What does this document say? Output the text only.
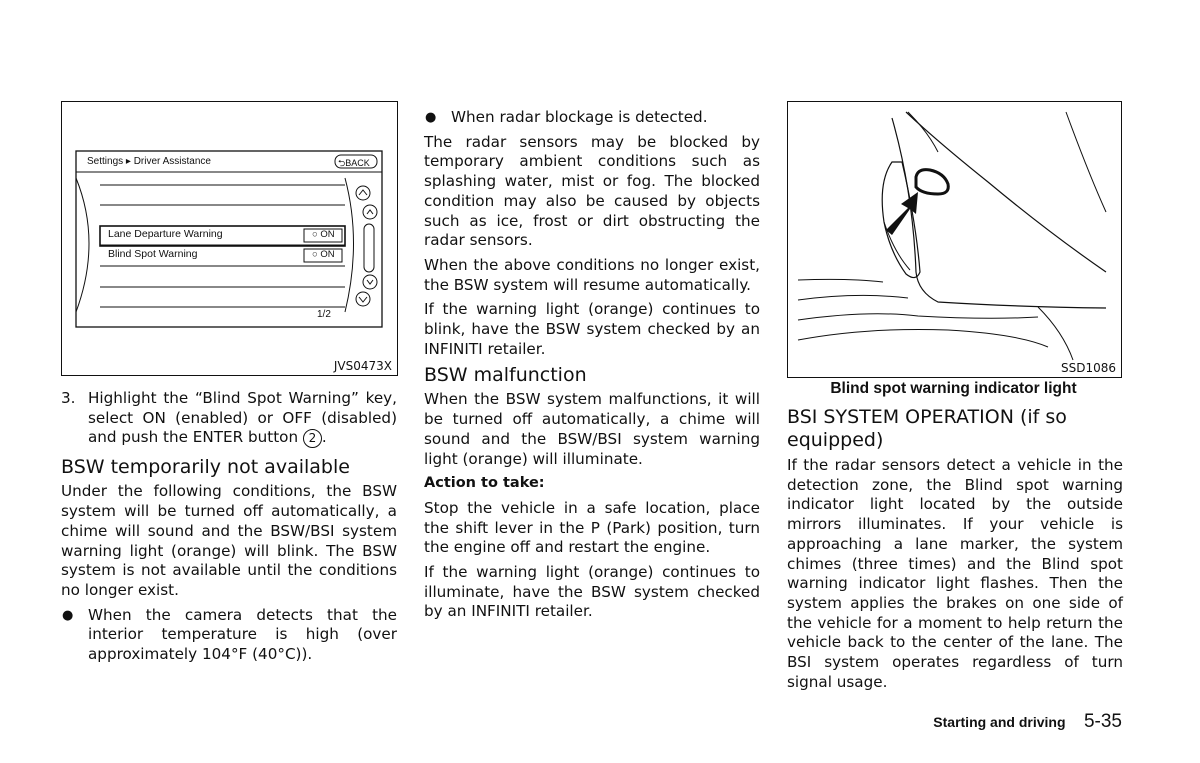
Settings ▸ Driver Assistance	⮌BACK
Lane Departure Warning
Blind Spot Warning
○ ON
○ ON
1/2
JVS0473X
3. Highlight the “Blind Spot Warning” key, select ON (enabled) or OFF (disabled) and push the ENTER button 2 .
BSW temporarily not available

Under the following conditions, the BSW system will be turned off automatically, a chime will sound and the BSW/BSI system warning light (orange) will blink. The BSW system is not available until the conditions no longer exist.

● When the camera detects that the interior temperature is high (over approximately 104°F (40°C)).
● When radar blockage is detected.

The radar sensors may be blocked by temporary ambient conditions such as splashing water, mist or fog. The blocked condition may also be caused by objects such as ice, frost or dirt obstructing the radar sensors.

When the above conditions no longer exist, the BSW system will resume automatically.

If the warning light (orange) continues to blink, have the BSW system checked by an INFINITI retailer.

BSW malfunction

When the BSW system malfunctions, it will be turned off automatically, a chime will sound and the BSW/BSI system warning light (orange) will illuminate.

Action to take:

Stop the vehicle in a safe location, place the shift lever in the P (Park) position, turn the engine off and restart the engine.

If the warning light (orange) continues to illuminate, have the BSW system checked by an INFINITI retailer.

SSD1086
Blind spot warning indicator light
BSI SYSTEM OPERATION (if so equipped)

If the radar sensors detect a vehicle in the detection zone, the Blind spot warning indicator light located by the outside mirrors illuminates. If your vehicle is approaching a lane marker, the system chimes (three times) and the Blind spot warning indicator light flashes. Then the system applies the brakes on one side of the vehicle for a moment to help return the vehicle back to the center of the lane. The BSI system operates regardless of turn signal usage.

Starting and driving 5-35
